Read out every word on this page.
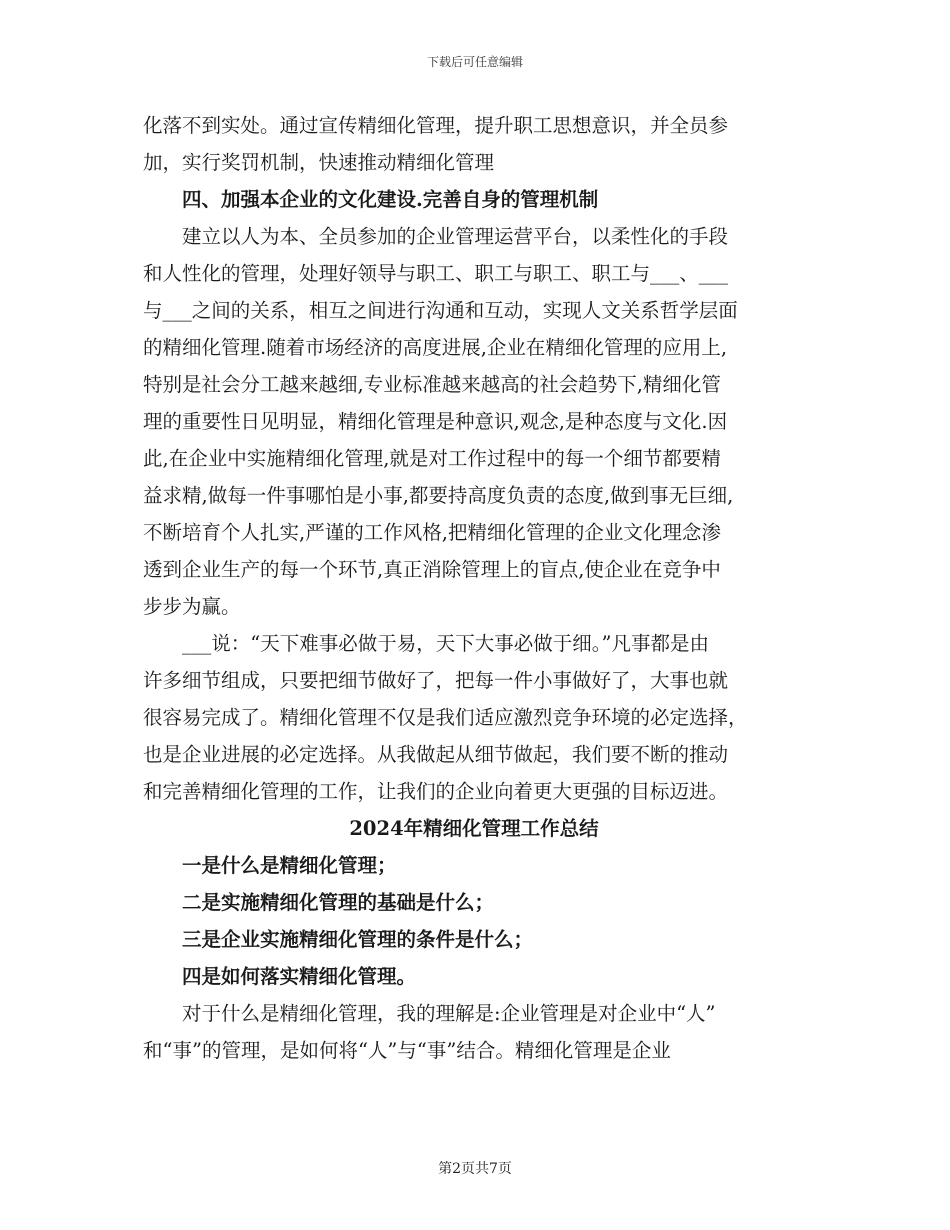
下载后可任意编辑

化落不到实处。通过宣传精细化管理，提升职工思想意识，并全员参
加，实行奖罚机制，快速推动精细化管理

四、加强本企业的文化建设.完善自身的管理机制

建立以人为本、全员参加的企业管理运营平台，以柔性化的手段
和人性化的管理，处理好领导与职工、职工与职工、职工与___、___
与___之间的关系，相互之间进行沟通和互动，实现人文关系哲学层面
的精细化管理.随着市场经济的高度进展,企业在精细化管理的应用上,
特别是社会分工越来越细,专业标准越来越高的社会趋势下,精细化管
理的重要性日见明显，精细化管理是种意识,观念,是种态度与文化.因
此,在企业中实施精细化管理,就是对工作过程中的每一个细节都要精
益求精,做每一件事哪怕是小事,都要持高度负责的态度,做到事无巨细,
不断培育个人扎实,严谨的工作风格,把精细化管理的企业文化理念渗
透到企业生产的每一个环节,真正消除管理上的盲点,使企业在竞争中
步步为赢。

___说：“天下难事必做于易，天下大事必做于细。”凡事都是由
许多细节组成，只要把细节做好了，把每一件小事做好了，大事也就
很容易完成了。精细化管理不仅是我们适应激烈竞争环境的必定选择，
也是企业进展的必定选择。从我做起从细节做起，我们要不断的推动
和完善精细化管理的工作，让我们的企业向着更大更强的目标迈进。

2024年精细化管理工作总结

一是什么是精细化管理；

二是实施精细化管理的基础是什么；

三是企业实施精细化管理的条件是什么；

四是如何落实精细化管理。

对于什么是精细化管理，我的理解是:企业管理是对企业中“人”
和“事”的管理，是如何将“人”与“事”结合。精细化管理是企业

第2页共7页
